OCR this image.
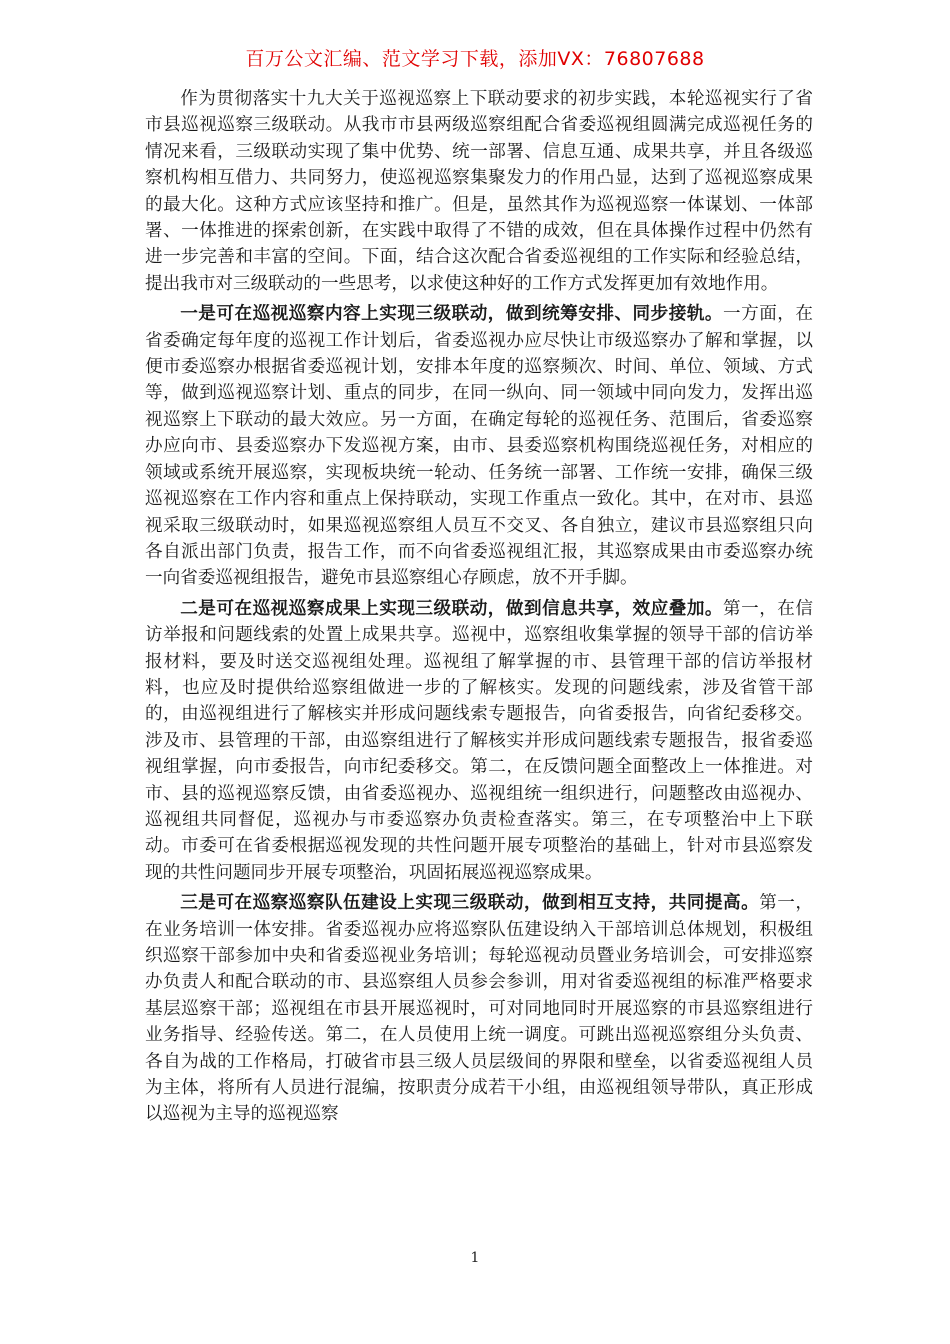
百万公文汇编、范文学习下载，添加VX：76807688

作为贯彻落实十九大关于巡视巡察上下联动要求的初步实践，本轮巡视实行了省市县巡视巡察三级联动。从我市市县两级巡察组配合省委巡视组圆满完成巡视任务的情况来看，三级联动实现了集中优势、统一部署、信息互通、成果共享，并且各级巡察机构相互借力、共同努力，使巡视巡察集聚发力的作用凸显，达到了巡视巡察成果的最大化。这种方式应该坚持和推广。但是，虽然其作为巡视巡察一体谋划、一体部署、一体推进的探索创新，在实践中取得了不错的成效，但在具体操作过程中仍然有进一步完善和丰富的空间。下面，结合这次配合省委巡视组的工作实际和经验总结，提出我市对三级联动的一些思考，以求使这种好的工作方式发挥更加有效地作用。

一是可在巡视巡察内容上实现三级联动，做到统筹安排、同步接轨。一方面，在省委确定每年度的巡视工作计划后，省委巡视办应尽快让市级巡察办了解和掌握，以便市委巡察办根据省委巡视计划，安排本年度的巡察频次、时间、单位、领域、方式等，做到巡视巡察计划、重点的同步，在同一纵向、同一领域中同向发力，发挥出巡视巡察上下联动的最大效应。另一方面，在确定每轮的巡视任务、范围后，省委巡察办应向市、县委巡察办下发巡视方案，由市、县委巡察机构围绕巡视任务，对相应的领域或系统开展巡察，实现板块统一轮动、任务统一部署、工作统一安排，确保三级巡视巡察在工作内容和重点上保持联动，实现工作重点一致化。其中，在对市、县巡视采取三级联动时，如果巡视巡察组人员互不交叉、各自独立，建议市县巡察组只向各自派出部门负责，报告工作，而不向省委巡视组汇报，其巡察成果由市委巡察办统一向省委巡视组报告，避免市县巡察组心存顾虑，放不开手脚。

二是可在巡视巡察成果上实现三级联动，做到信息共享，效应叠加。第一，在信访举报和问题线索的处置上成果共享。巡视中，巡察组收集掌握的领导干部的信访举报材料，要及时送交巡视组处理。巡视组了解掌握的市、县管理干部的信访举报材料，也应及时提供给巡察组做进一步的了解核实。发现的问题线索，涉及省管干部的，由巡视组进行了解核实并形成问题线索专题报告，向省委报告，向省纪委移交。涉及市、县管理的干部，由巡察组进行了解核实并形成问题线索专题报告，报省委巡视组掌握，向市委报告，向市纪委移交。第二，在反馈问题全面整改上一体推进。对市、县的巡视巡察反馈，由省委巡视办、巡视组统一组织进行，问题整改由巡视办、巡视组共同督促，巡视办与市委巡察办负责检查落实。第三，在专项整治中上下联动。市委可在省委根据巡视发现的共性问题开展专项整治的基础上，针对市县巡察发现的共性问题同步开展专项整治，巩固拓展巡视巡察成果。

三是可在巡察巡察队伍建设上实现三级联动，做到相互支持，共同提高。第一，在业务培训一体安排。省委巡视办应将巡察队伍建设纳入干部培训总体规划，积极组织巡察干部参加中央和省委巡视业务培训；每轮巡视动员暨业务培训会，可安排巡察办负责人和配合联动的市、县巡察组人员参会参训，用对省委巡视组的标准严格要求基层巡察干部；巡视组在市县开展巡视时，可对同地同时开展巡察的市县巡察组进行业务指导、经验传送。第二，在人员使用上统一调度。可跳出巡视巡察组分头负责、各自为战的工作格局，打破省市县三级人员层级间的界限和壁垒，以省委巡视组人员为主体，将所有人员进行混编，按职责分成若干小组，由巡视组领导带队，真正形成以巡视为主导的巡视巡察

1
